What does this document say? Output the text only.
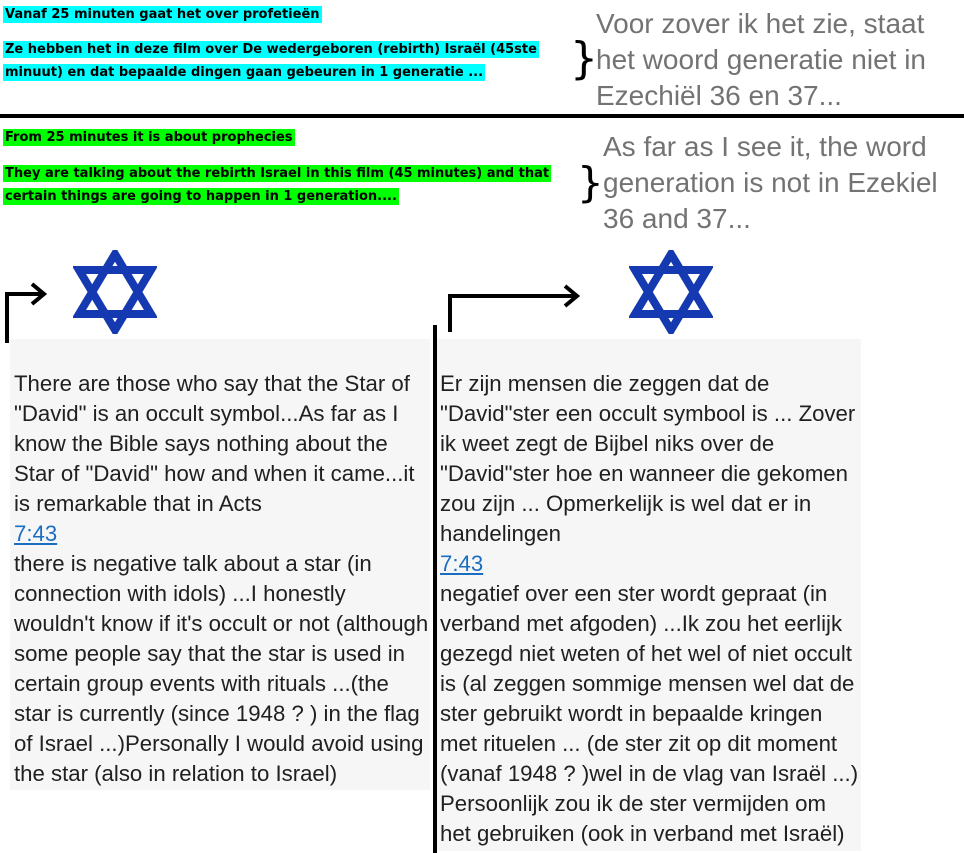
Vanaf 25 minuten gaat het over profetieën
Ze hebben het in deze film over De wedergeboren (rebirth) Israël (45ste
minuut) en dat bepaalde dingen gaan gebeuren in 1 generatie ... }
Voor zover ik het zie, staat het woord generatie niet in Ezechiël 36 en 37...
From 25 minutes it is about prophecies
They are talking about the rebirth Israel in this film (45 minutes) and that
certain things are going to happen in 1 generation....	}
As far as I see it, the word generation is not in Ezekiel 36 and 37...

There are those who say that the Star of "David" is an occult symbol...As far as I know the Bible says nothing about the Star of "David" how and when it came...it is remarkable that in Acts
7:43
there is negative talk about a star (in connection with idols) ...I honestly wouldn't know if it's occult or not (although some people say that the star is used in certain group events with rituals ...(the star is currently (since 1948 ? ) in the flag of Israel ...)Personally I would avoid using the star (also in relation to Israel)

Er zijn mensen die zeggen dat de "David"ster een occult symbool is ... Zover ik weet zegt de Bijbel niks over de "David"ster hoe en wanneer die gekomen zou zijn ... Opmerkelijk is wel dat er in handelingen
7:43
negatief over een ster wordt gepraat (in verband met afgoden) ...Ik zou het eerlijk gezegd niet weten of het wel of niet occult is (al zeggen sommige mensen wel dat de ster gebruikt wordt in bepaalde kringen met rituelen ... (de ster zit op dit moment (vanaf 1948 ? )wel in de vlag van Israël ...) Persoonlijk zou ik de ster vermijden om het gebruiken (ook in verband met Israël)
